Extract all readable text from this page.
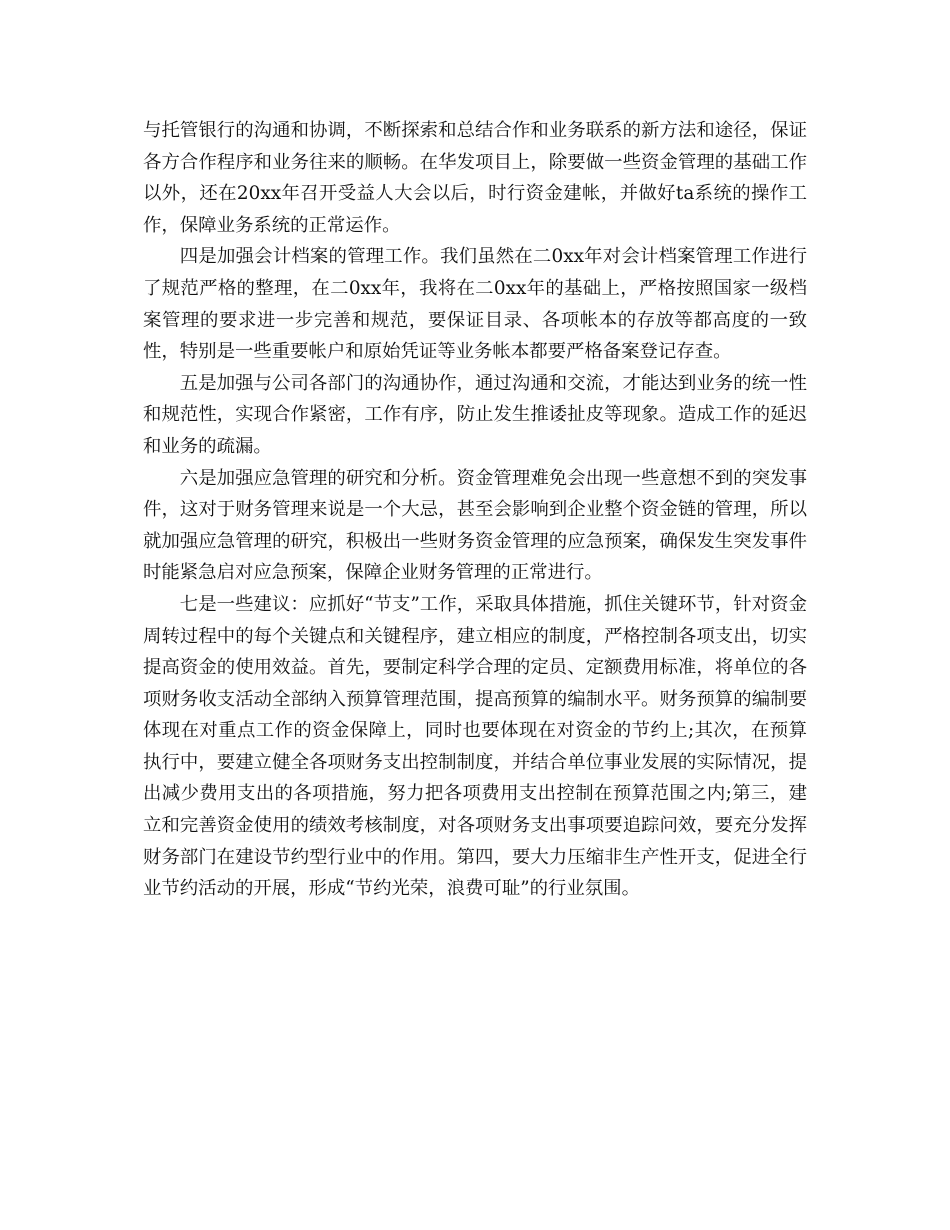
与托管银行的沟通和协调，不断探索和总结合作和业务联系的新方法和途径，保证各方合作程序和业务往来的顺畅。在华发项目上，除要做一些资金管理的基础工作以外，还在20xx年召开受益人大会以后，时行资金建帐，并做好ta系统的操作工作，保障业务系统的正常运作。

四是加强会计档案的管理工作。我们虽然在二0xx年对会计档案管理工作进行了规范严格的整理，在二0xx年，我将在二0xx年的基础上，严格按照国家一级档案管理的要求进一步完善和规范，要保证目录、各项帐本的存放等都高度的一致性，特别是一些重要帐户和原始凭证等业务帐本都要严格备案登记存查。

五是加强与公司各部门的沟通协作，通过沟通和交流，才能达到业务的统一性和规范性，实现合作紧密，工作有序，防止发生推诿扯皮等现象。造成工作的延迟和业务的疏漏。

六是加强应急管理的研究和分析。资金管理难免会出现一些意想不到的突发事件，这对于财务管理来说是一个大忌，甚至会影响到企业整个资金链的管理，所以就加强应急管理的研究，积极出一些财务资金管理的应急预案，确保发生突发事件时能紧急启对应急预案，保障企业财务管理的正常进行。

七是一些建议：应抓好“节支”工作，采取具体措施，抓住关键环节，针对资金周转过程中的每个关键点和关键程序，建立相应的制度，严格控制各项支出，切实提高资金的使用效益。首先，要制定科学合理的定员、定额费用标准，将单位的各项财务收支活动全部纳入预算管理范围，提高预算的编制水平。财务预算的编制要体现在对重点工作的资金保障上，同时也要体现在对资金的节约上;其次，在预算执行中，要建立健全各项财务支出控制制度，并结合单位事业发展的实际情况，提出减少费用支出的各项措施，努力把各项费用支出控制在预算范围之内;第三，建立和完善资金使用的绩效考核制度，对各项财务支出事项要追踪问效，要充分发挥财务部门在建设节约型行业中的作用。第四，要大力压缩非生产性开支，促进全行业节约活动的开展，形成“节约光荣，浪费可耻”的行业氛围。
